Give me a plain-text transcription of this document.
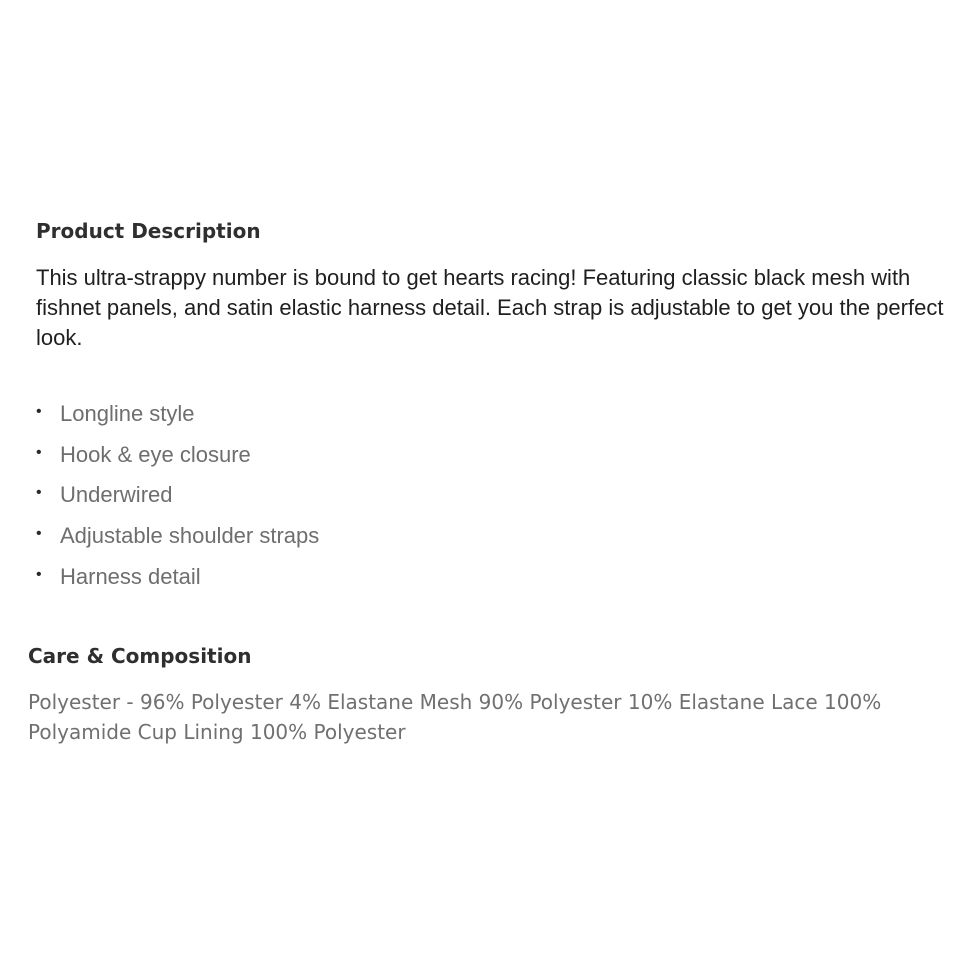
Product Description

This ultra-strappy number is bound to get hearts racing! Featuring classic black mesh with fishnet panels, and satin elastic harness detail. Each strap is adjustable to get you the perfect look.

• Longline style
• Hook & eye closure
• Underwired
• Adjustable shoulder straps
• Harness detail
Care & Composition

Polyester - 96% Polyester 4% Elastane Mesh 90% Polyester 10% Elastane Lace 100% Polyamide Cup Lining 100% Polyester
